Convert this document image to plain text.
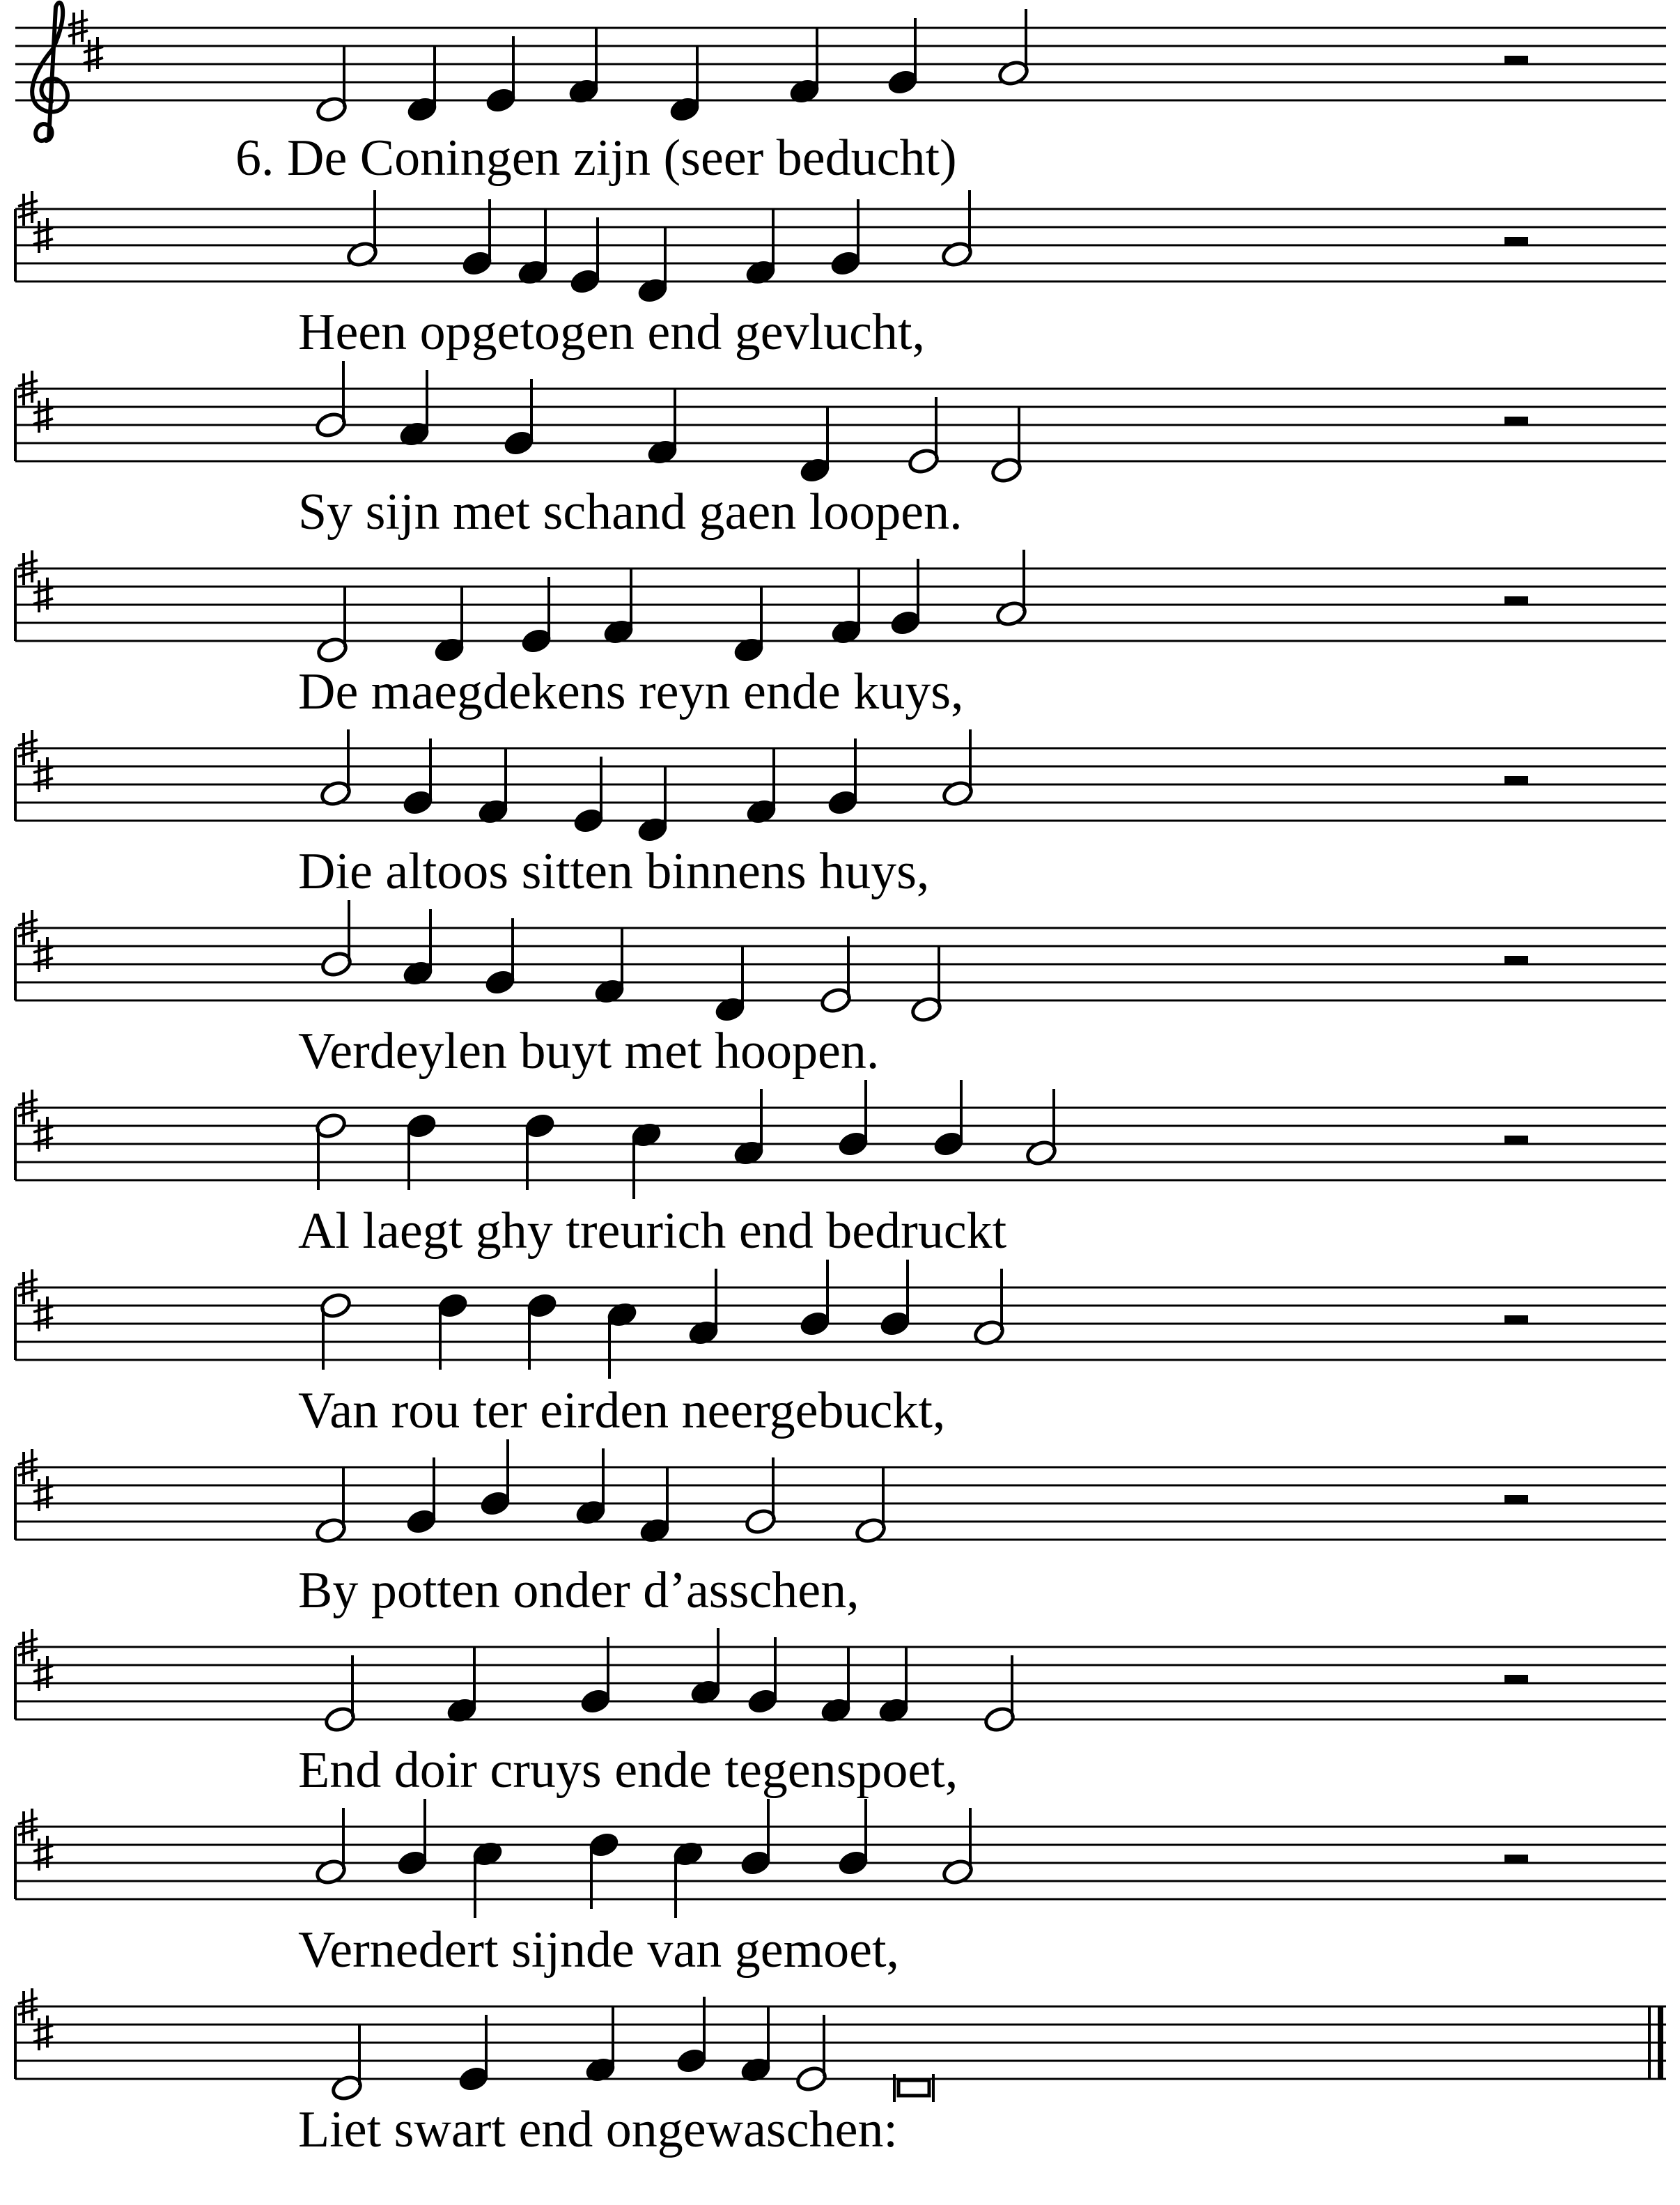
6. De Coningen zijn (seer beducht)
Heen opgetogen end gevlucht,
Sy sijn met schand gaen loopen.
De maegdekens reyn ende kuys,
Die altoos sitten binnens huys,
Verdeylen buyt met hoopen.
Al laegt ghy treurich end bedruckt
Van rou ter eirden neergebuckt,
By potten onder d’asschen,
End doir cruys ende tegenspoet,
Vernedert sijnde van gemoet,
Liet swart end ongewaschen:
